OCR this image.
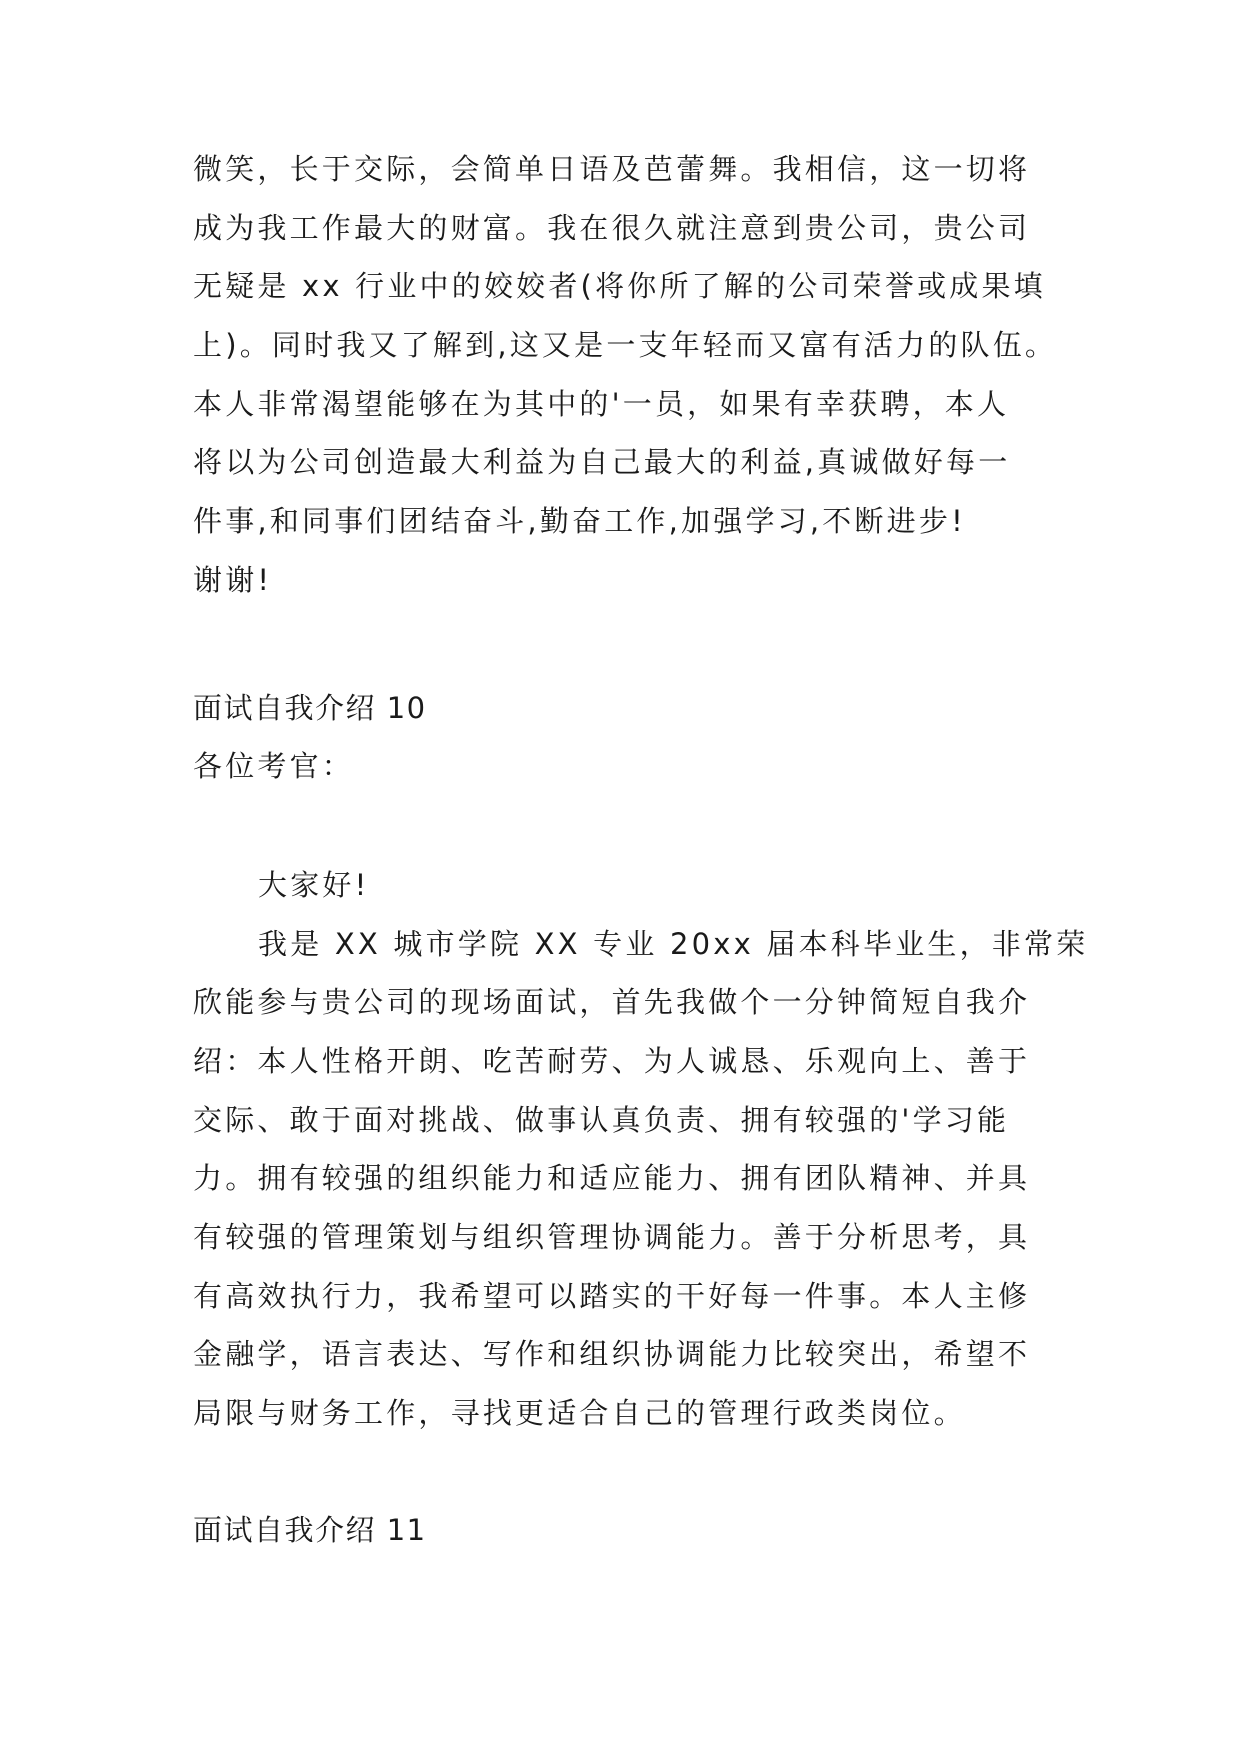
微笑，长于交际，会简单日语及芭蕾舞。我相信，这一切将
成为我工作最大的财富。我在很久就注意到贵公司，贵公司
无疑是 xx 行业中的姣姣者(将你所了解的公司荣誉或成果填
上)。同时我又了解到,这又是一支年轻而又富有活力的队伍。
本人非常渴望能够在为其中的'一员，如果有幸获聘，本人
将以为公司创造最大利益为自己最大的利益,真诚做好每一
件事,和同事们团结奋斗,勤奋工作,加强学习,不断进步!
谢谢!
面试自我介绍 10
各位考官：
大家好!
我是 XX 城市学院 XX 专业 20xx 届本科毕业生，非常荣
欣能参与贵公司的现场面试，首先我做个一分钟简短自我介
绍：本人性格开朗、吃苦耐劳、为人诚恳、乐观向上、善于
交际、敢于面对挑战、做事认真负责、拥有较强的'学习能
力。拥有较强的组织能力和适应能力、拥有团队精神、并具
有较强的管理策划与组织管理协调能力。善于分析思考，具
有高效执行力，我希望可以踏实的干好每一件事。本人主修
金融学，语言表达、写作和组织协调能力比较突出，希望不
局限与财务工作，寻找更适合自己的管理行政类岗位。
面试自我介绍 11
